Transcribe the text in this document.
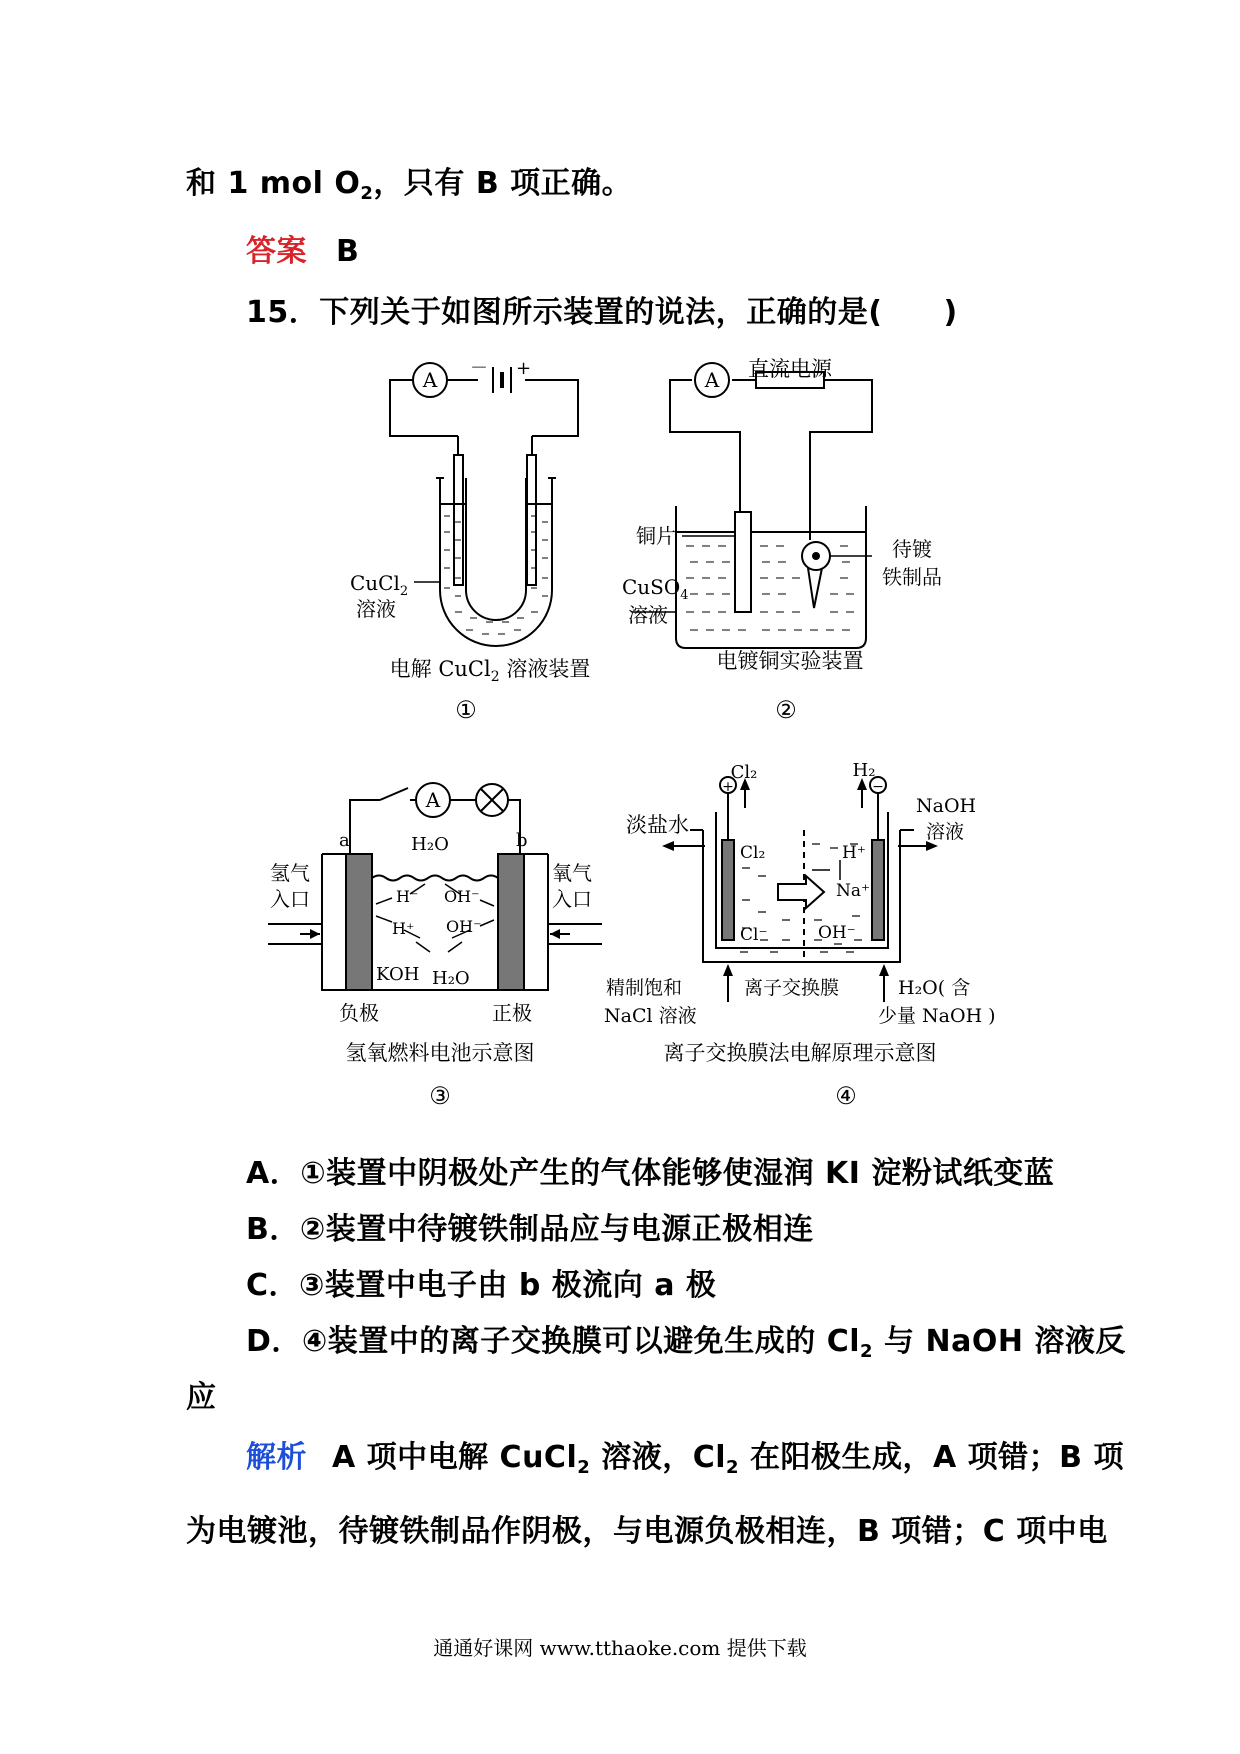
和 1 mol $O_2$，只有 B 项正确。
答案 B
15．下列关于如图所示装置的说法，正确的是(　　)
A － +
CuCl$_2$
溶液
电解 CuCl$_2$ 溶液装置
①
A 直流电源
铜片
CuSO$_4$
溶液
待镀
铁制品
电镀铜实验装置
②
A
a	b
H₂O
H⁻ OH⁻
H⁺ OH⁻
KOH H₂O
氢气
入口
氧气
入口
负极	正极
氢氧燃料电池示意图
③
Cl₂	H₂
+	−
淡盐水
NaOH
溶液
Cl₂	H⁺
Na⁺
Cl⁻	OH⁻
精制饱和
NaCl 溶液
离子交换膜	H₂O( 含
少量 NaOH )
离子交换膜法电解原理示意图
④
A．①装置中阴极处产生的气体能够使湿润 KI 淀粉试纸变蓝
B．②装置中待镀铁制品应与电源正极相连
C．③装置中电子由 b 极流向 a 极
D．④装置中的离子交换膜可以避免生成的 $Cl_2$ 与 NaOH 溶液反
应
解析 A 项中电解 CuCl$_2$ 溶液，$Cl_2$ 在阳极生成，A 项错；B 项
为电镀池，待镀铁制品作阴极，与电源负极相连，B 项错；C 项中电
通通好课网 www.tthaoke.com 提供下载
